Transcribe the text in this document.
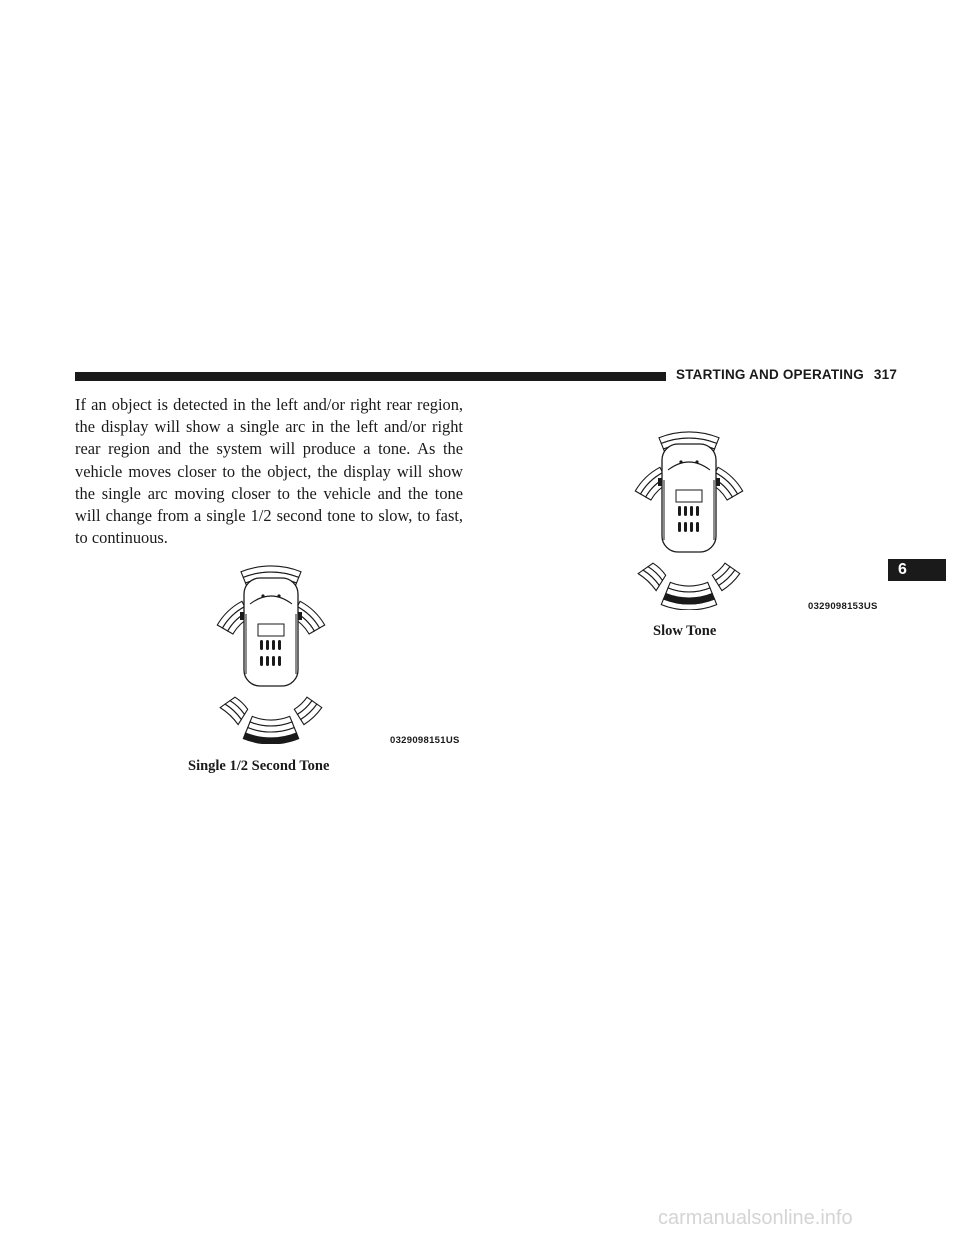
STARTING AND OPERATING 317

If an object is detected in the left and/or right rear region, the display will show a single arc in the left and/or right rear region and the system will produce a tone. As the vehicle moves closer to the object, the display will show the single arc moving closer to the vehicle and the tone will change from a single 1/2 second tone to slow, to fast, to continuous.

0329098151US
Single 1/2 Second Tone
0329098153US
Slow Tone
6
carmanualsonline.info
